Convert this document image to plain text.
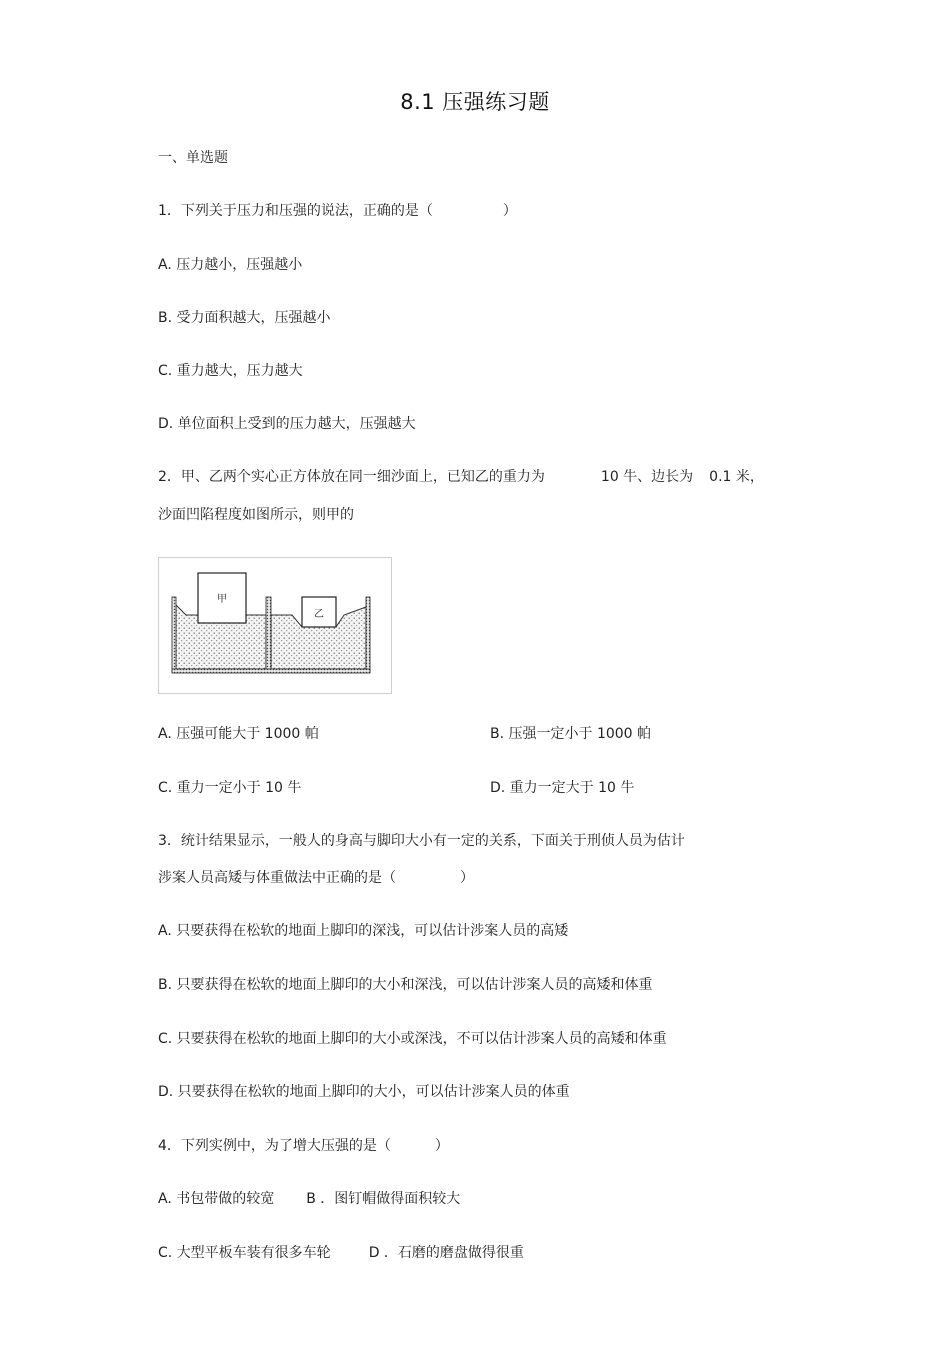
8.1 压强练习题
一、单选题
1．下列关于压力和压强的说法，正确的是（	）
A. 压力越小，压强越小
B. 受力面积越大，压强越小
C. 重力越大，压力越大
D. 单位面积上受到的压力越大，压强越大
2．甲、乙两个实心正方体放在同一细沙面上，已知乙的重力为	10 牛、边长为 0.1 米，
沙面凹陷程度如图所示，则甲的
甲
乙
A. 压强可能大于 1000 帕	B. 压强一定小于 1000 帕
C. 重力一定小于 10 牛	D. 重力一定大于 10 牛
3．统计结果显示，一般人的身高与脚印大小有一定的关系，下面关于刑侦人员为估计
涉案人员高矮与体重做法中正确的是（	）
A. 只要获得在松软的地面上脚印的深浅，可以估计涉案人员的高矮
B. 只要获得在松软的地面上脚印的大小和深浅，可以估计涉案人员的高矮和体重
C. 只要获得在松软的地面上脚印的大小或深浅，不可以估计涉案人员的高矮和体重
D. 只要获得在松软的地面上脚印的大小，可以估计涉案人员的体重
4．下列实例中，为了增大压强的是（	）
A. 书包带做的较宽 B ．图钉帽做得面积较大
C. 大型平板车装有很多车轮	D ．石磨的磨盘做得很重
